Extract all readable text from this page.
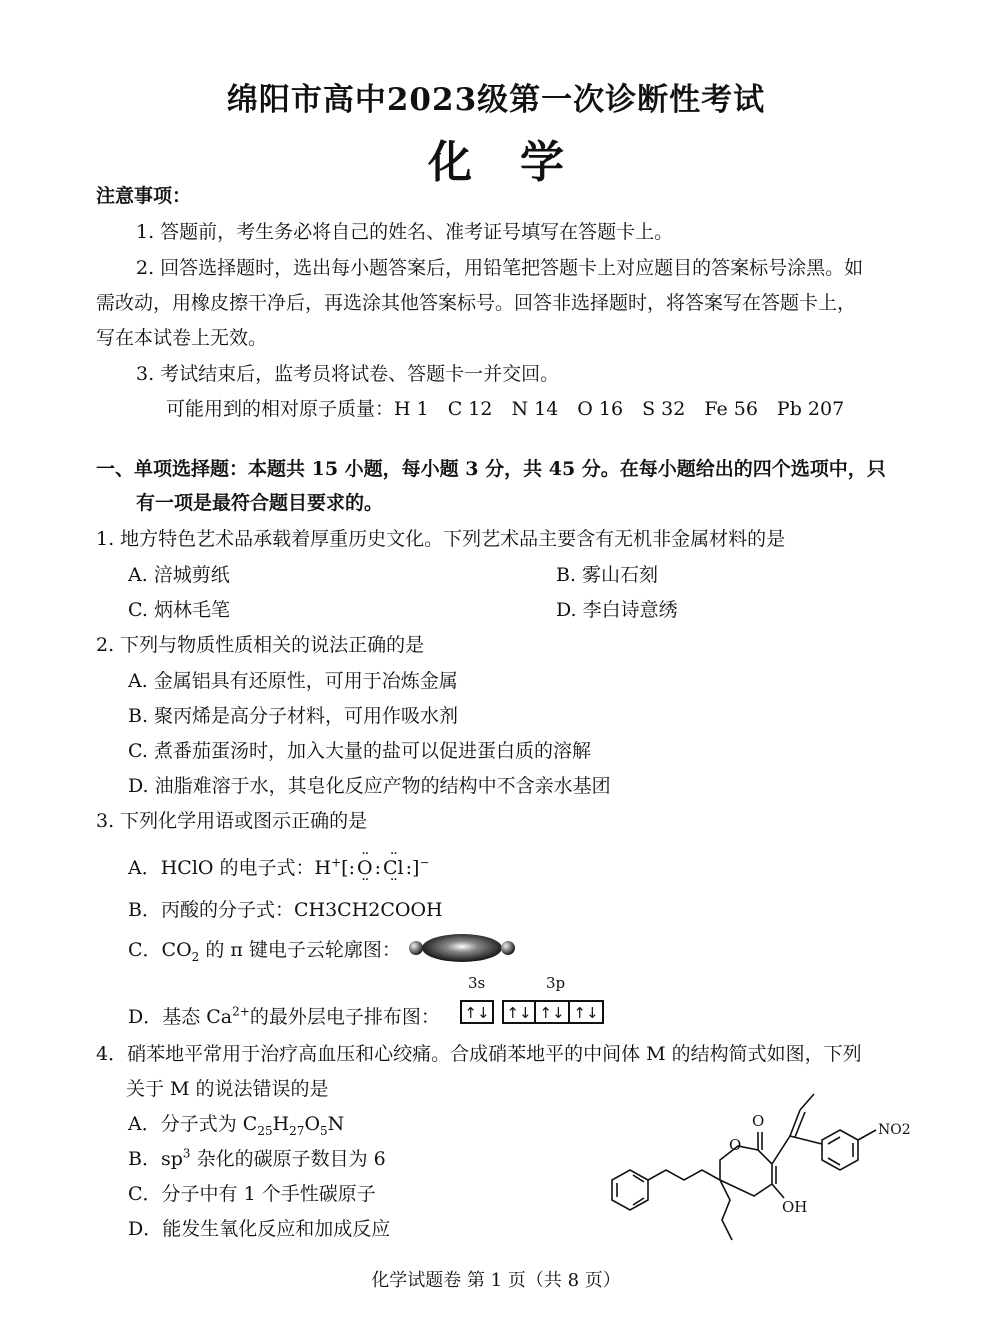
绵阳市高中2023级第一次诊断性考试
化学
注意事项：
1. 答题前，考生务必将自己的姓名、准考证号填写在答题卡上。
2. 回答选择题时，选出每小题答案后，用铅笔把答题卡上对应题目的答案标号涂黑。如
需改动，用橡皮擦干净后，再选涂其他答案标号。回答非选择题时，将答案写在答题卡上，
写在本试卷上无效。
3. 考试结束后，监考员将试卷、答题卡一并交回。
可能用到的相对原子质量：H 1　C 12　N 14　O 16　S 32　Fe 56　Pb 207
一、单项选择题：本题共 15 小题，每小题 3 分，共 45 分。在每小题给出的四个选项中，只
有一项是最符合题目要求的。
1. 地方特色艺术品承载着厚重历史文化。下列艺术品主要含有无机非金属材料的是
A. 涪城剪纸	B. 雾山石刻
C. 炳林毛笔	D. 李白诗意绣
2. 下列与物质性质相关的说法正确的是
A. 金属铝具有还原性，可用于冶炼金属
B. 聚丙烯是高分子材料，可用作吸水剂
C. 煮番茄蛋汤时，加入大量的盐可以促进蛋白质的溶解
D. 油脂难溶于水，其皂化反应产物的结构中不含亲水基团
3. 下列化学用语或图示正确的是
A．HClO 的电子式：H+[: ·· O ·· : ·· Cl ·· :]−
B．丙酸的分子式：CH3CH2COOH
C．$CO_2$ 的 π 键电子云轮廓图：
D．基态 $Ca^{2+}$的最外层电子排布图：
3s	3p
↑↓ ↑↓ ↑↓ ↑↓
4．硝苯地平常用于治疗高血压和心绞痛。合成硝苯地平的中间体 M 的结构简式如图，下列
关于 M 的说法错误的是
A．分子式为 $C_{25}H_{27}O_5N$
B．$sp^3$ 杂化的碳原子数目为 6
C．分子中有 1 个手性碳原子
D．能发生氧化反应和加成反应
O
O
OH
NO2
化学试题卷 第 1 页（共 8 页）
